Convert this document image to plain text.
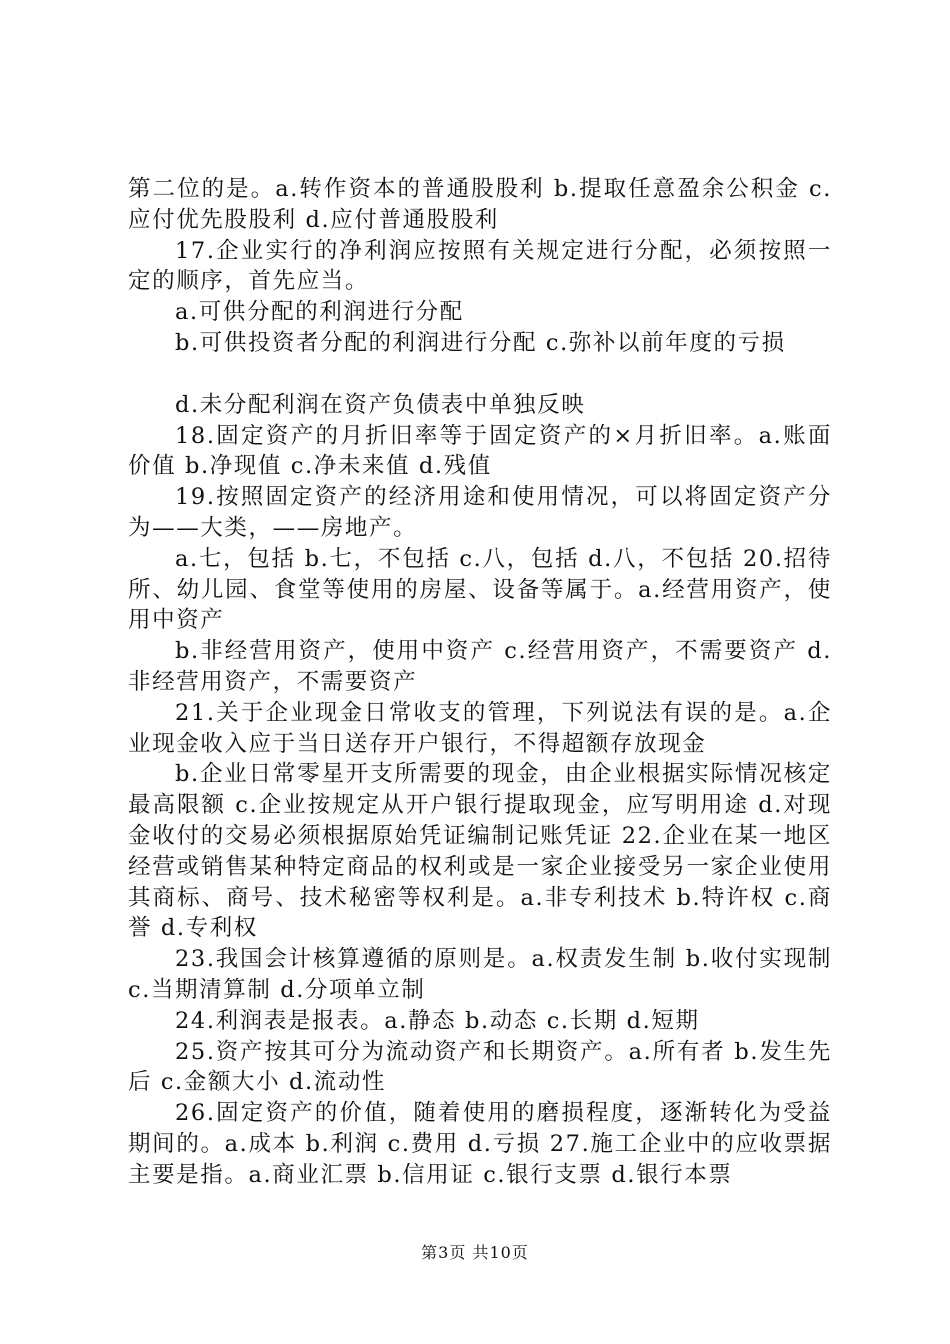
第二位的是。a.转作资本的普通股股利 b.提取任意盈余公积金 c.应付优先股股利 d.应付普通股股利

17.企业实行的净利润应按照有关规定进行分配，必须按照一定的顺序，首先应当。

a.可供分配的利润进行分配

b.可供投资者分配的利润进行分配 c.弥补以前年度的亏损

d.未分配利润在资产负债表中单独反映

18.固定资产的月折旧率等于固定资产的×月折旧率。a.账面价值 b.净现值 c.净未来值 d.残值

19.按照固定资产的经济用途和使用情况，可以将固定资产分为——大类，——房地产。

a.七，包括 b.七，不包括 c.八，包括 d.八，不包括 20.招待所、幼儿园、食堂等使用的房屋、设备等属于。a.经营用资产，使用中资产

b.非经营用资产，使用中资产 c.经营用资产，不需要资产 d.非经营用资产，不需要资产

21.关于企业现金日常收支的管理，下列说法有误的是。a.企业现金收入应于当日送存开户银行，不得超额存放现金

b.企业日常零星开支所需要的现金，由企业根据实际情况核定最高限额 c.企业按规定从开户银行提取现金，应写明用途 d.对现金收付的交易必须根据原始凭证编制记账凭证 22.企业在某一地区经营或销售某种特定商品的权利或是一家企业接受另一家企业使用其商标、商号、技术秘密等权利是。a.非专利技术 b.特许权 c.商誉 d.专利权

23.我国会计核算遵循的原则是。a.权责发生制 b.收付实现制 c.当期清算制 d.分项单立制

24.利润表是报表。a.静态 b.动态 c.长期 d.短期

25.资产按其可分为流动资产和长期资产。a.所有者 b.发生先后 c.金额大小 d.流动性

26.固定资产的价值，随着使用的磨损程度，逐渐转化为受益期间的。a.成本 b.利润 c.费用 d.亏损 27.施工企业中的应收票据主要是指。a.商业汇票 b.信用证 c.银行支票 d.银行本票

第3页 共10页
